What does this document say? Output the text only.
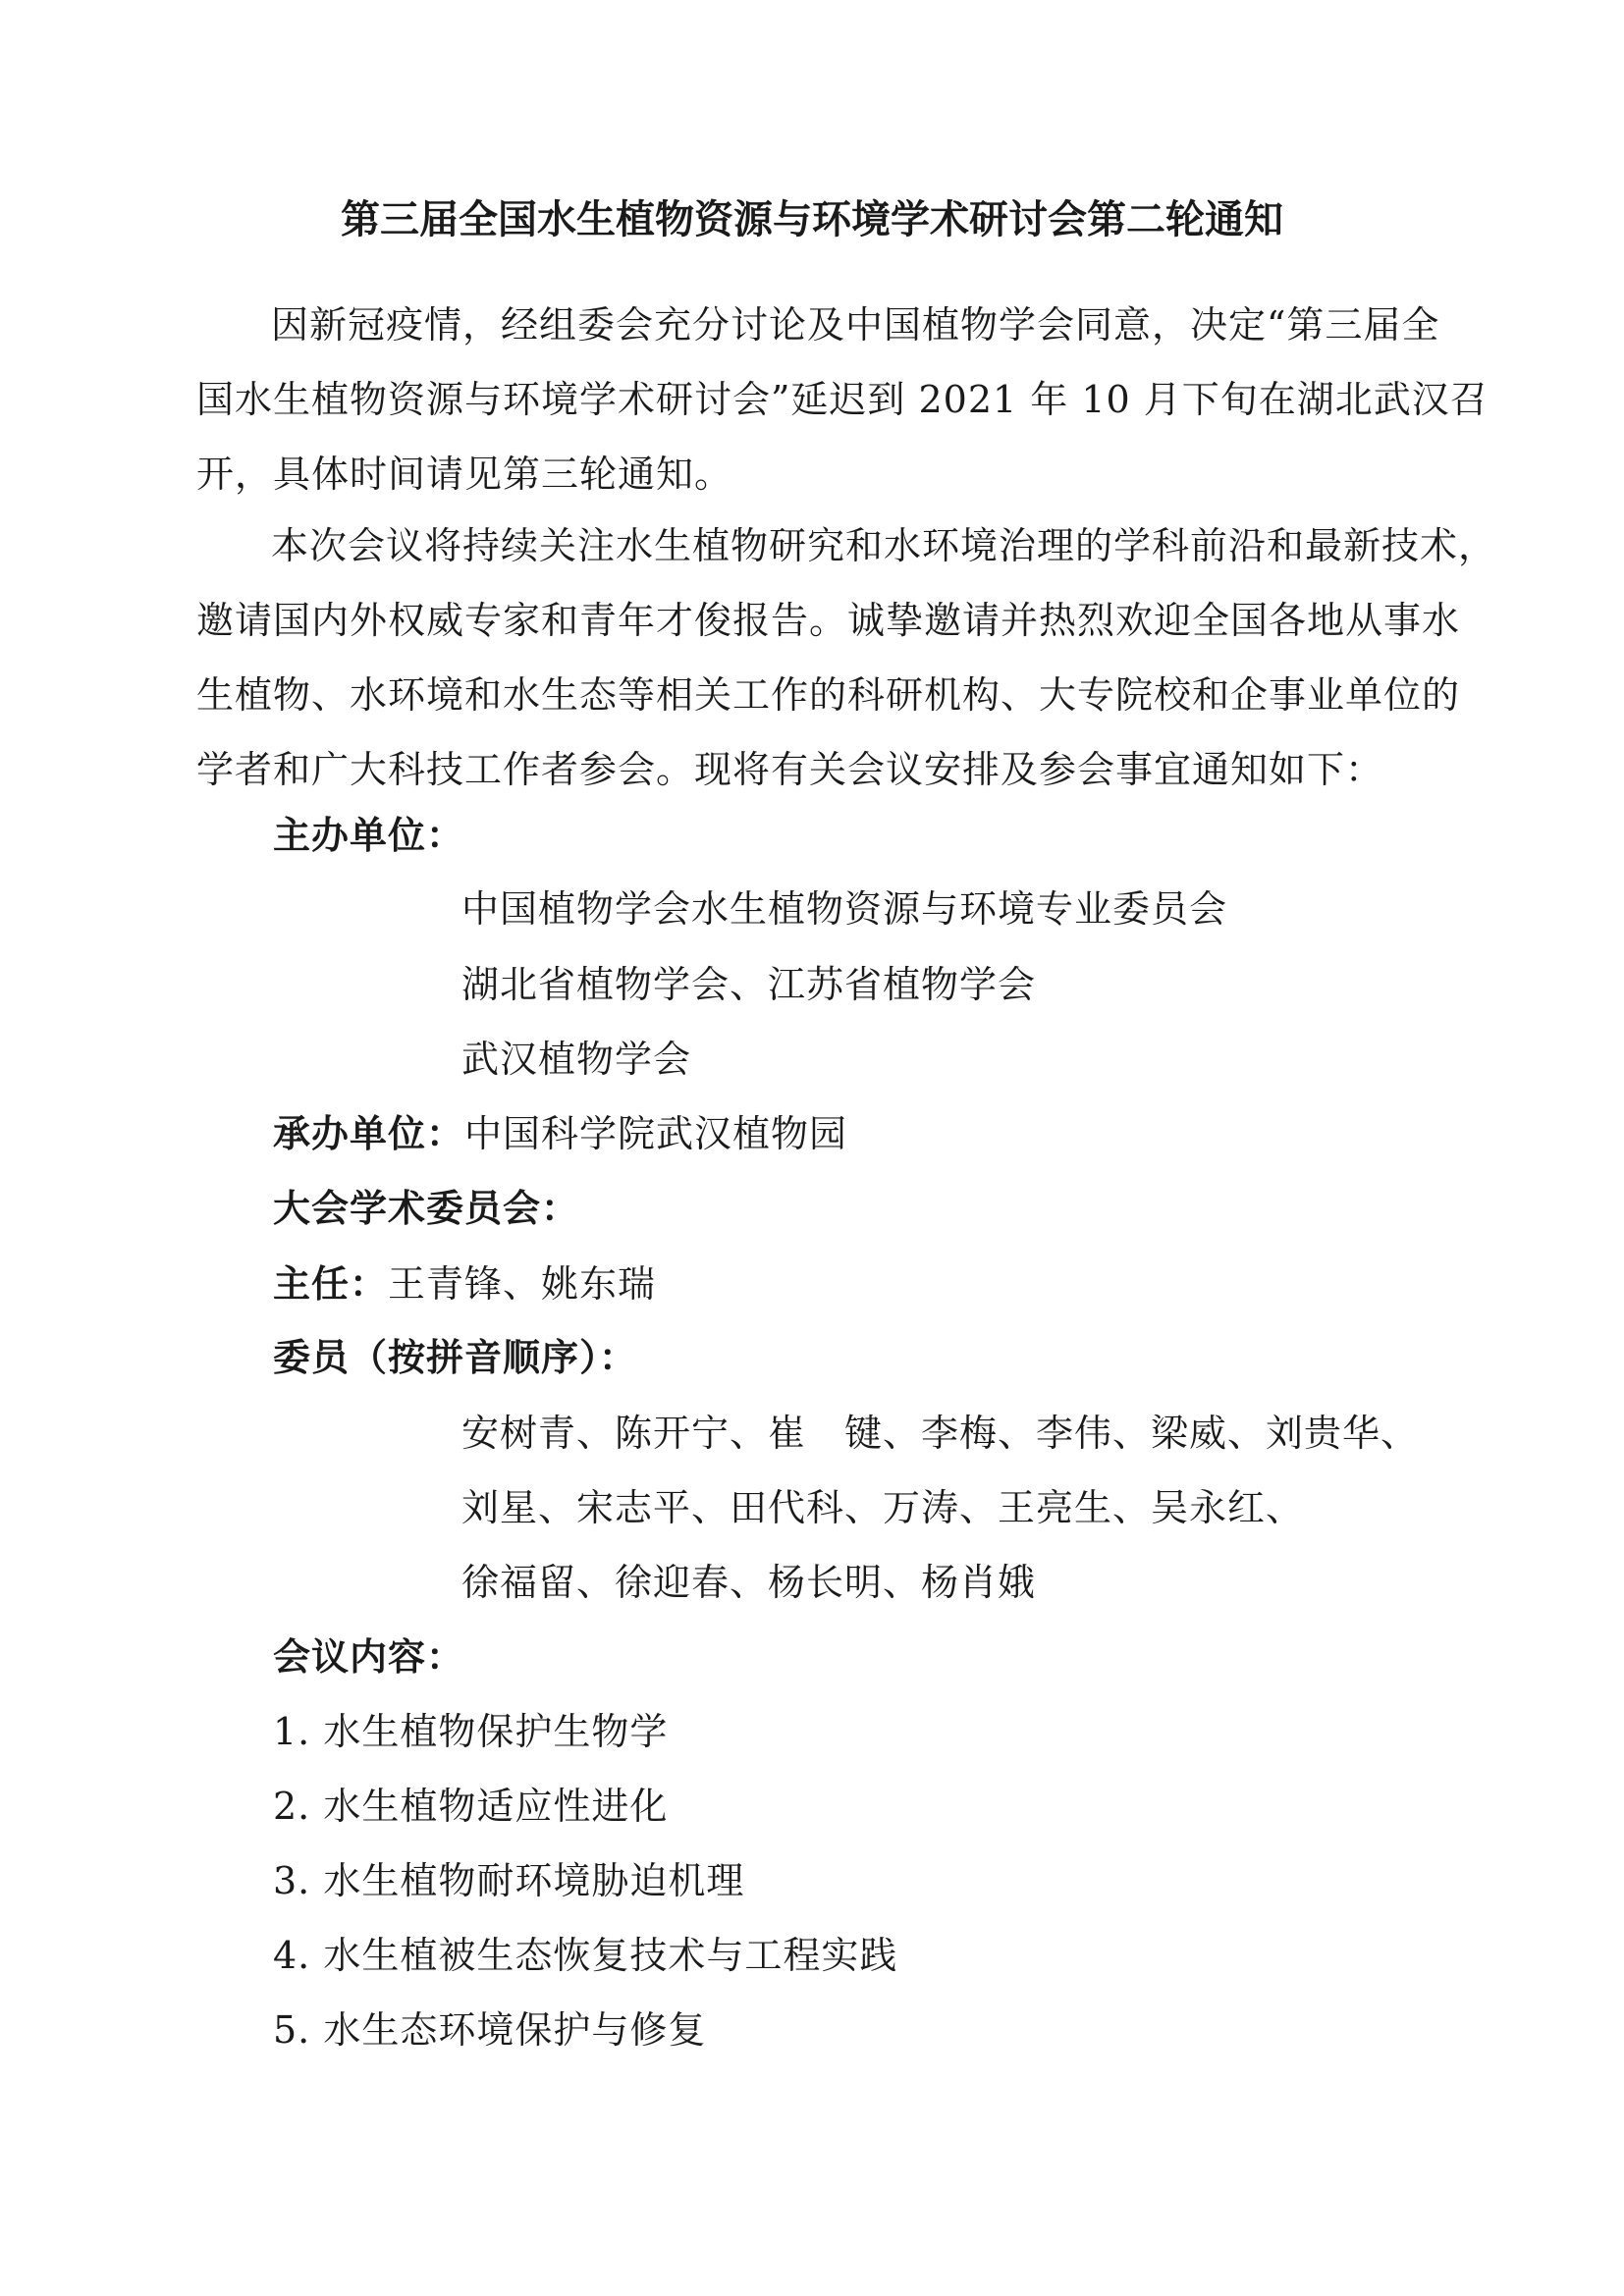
第三届全国水生植物资源与环境学术研讨会第二轮通知
因新冠疫情，经组委会充分讨论及中国植物学会同意，决定“第三届全
国水生植物资源与环境学术研讨会”延迟到 2021 年 10 月下旬在湖北武汉召
开，具体时间请见第三轮通知。
本次会议将持续关注水生植物研究和水环境治理的学科前沿和最新技术，
邀请国内外权威专家和青年才俊报告。诚挚邀请并热烈欢迎全国各地从事水
生植物、水环境和水生态等相关工作的科研机构、大专院校和企事业单位的
学者和广大科技工作者参会。现将有关会议安排及参会事宜通知如下：
主办单位：
中国植物学会水生植物资源与环境专业委员会
湖北省植物学会、江苏省植物学会
武汉植物学会
承办单位：中国科学院武汉植物园
大会学术委员会：
主任：王青锋、姚东瑞
委员（按拼音顺序）：
安树青、陈开宁、崔　键、李梅、李伟、梁威、刘贵华、
刘星、宋志平、田代科、万涛、王亮生、吴永红、
徐福留、徐迎春、杨长明、杨肖娥
会议内容：
1. 水生植物保护生物学
2. 水生植物适应性进化
3. 水生植物耐环境胁迫机理
4. 水生植被生态恢复技术与工程实践
5. 水生态环境保护与修复
